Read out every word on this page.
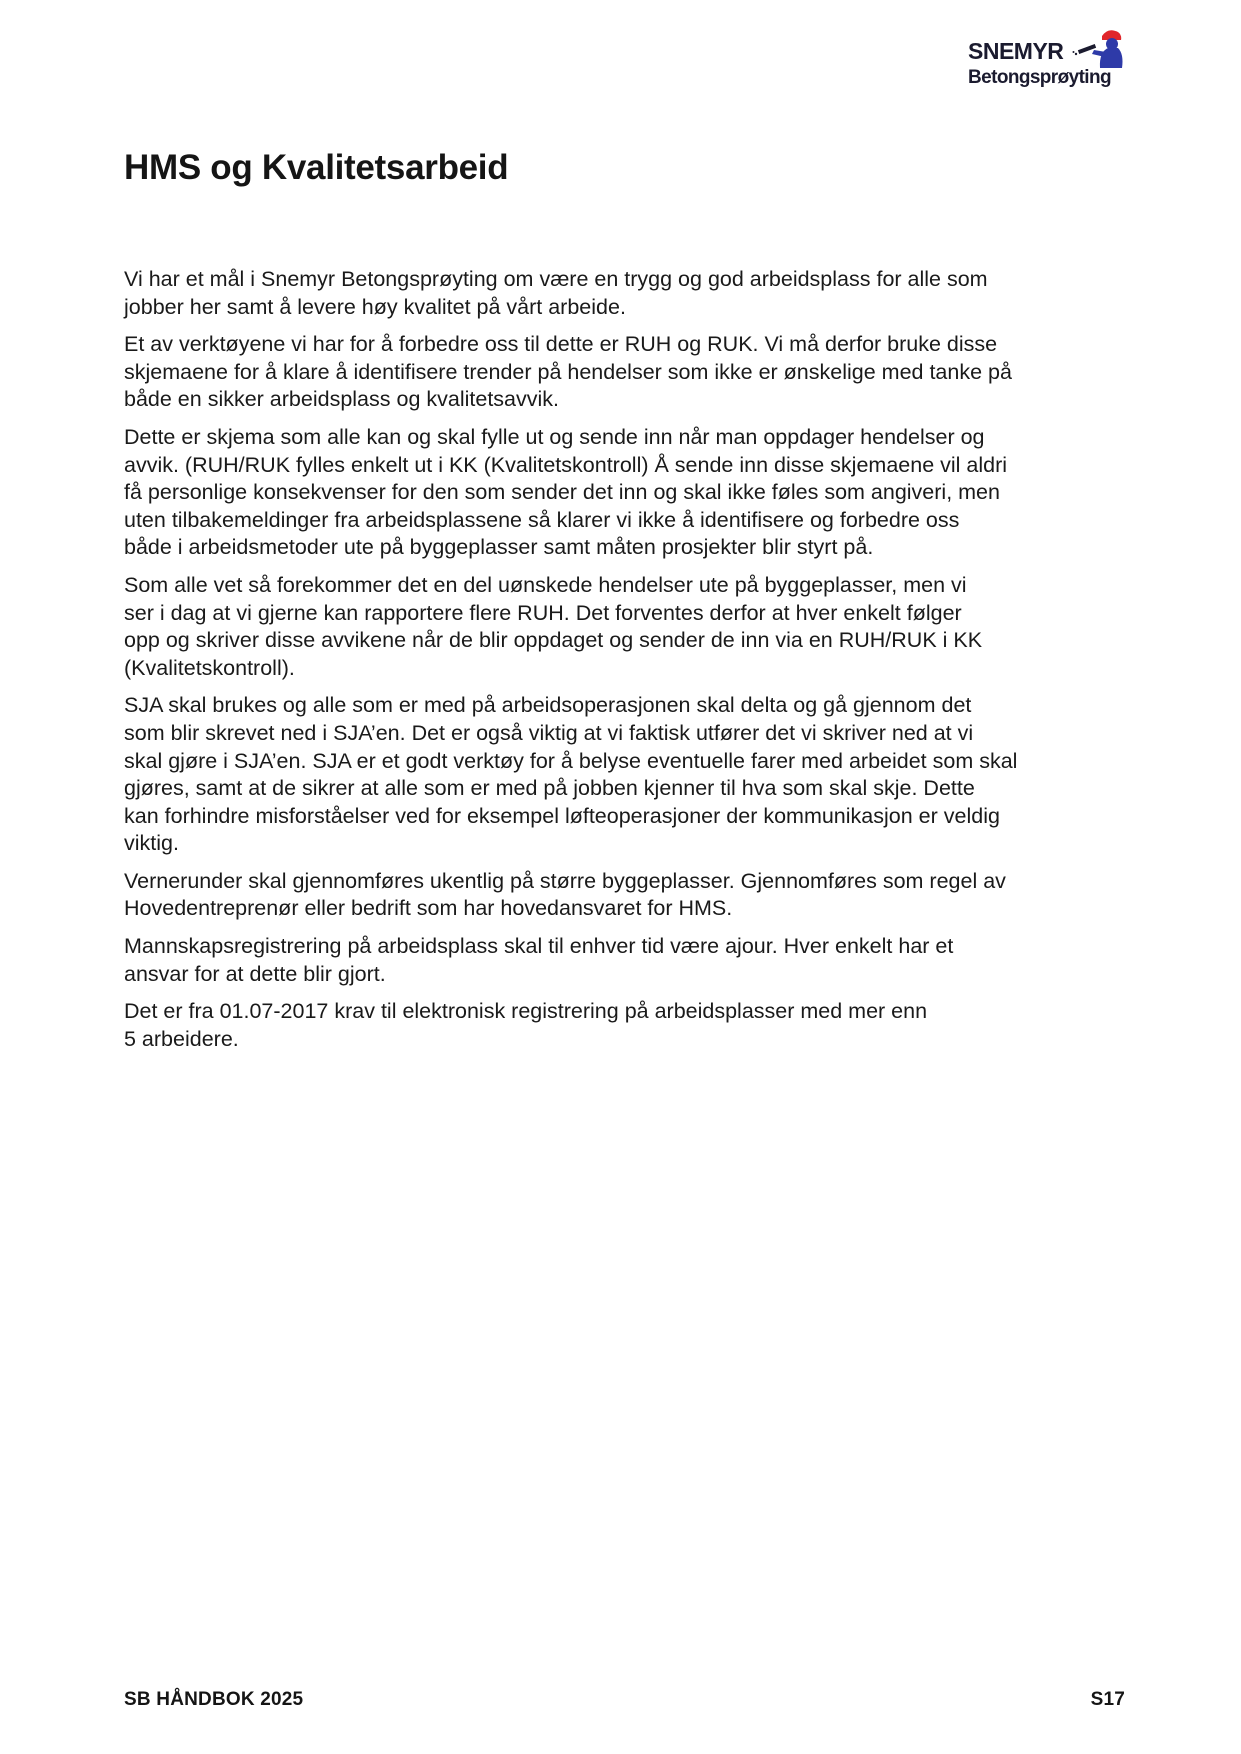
SNEMYR
Betongsprøyting
HMS og Kvalitetsarbeid

Vi har et mål i Snemyr Betongsprøyting om være en trygg og god arbeidsplass for alle som
jobber her samt å levere høy kvalitet på vårt arbeide.

Et av verktøyene vi har for å forbedre oss til dette er RUH og RUK. Vi må derfor bruke disse
skjemaene for å klare å identifisere trender på hendelser som ikke er ønskelige med tanke på
både en sikker arbeidsplass og kvalitetsavvik.

Dette er skjema som alle kan og skal fylle ut og sende inn når man oppdager hendelser og
avvik. (RUH/RUK fylles enkelt ut i KK (Kvalitetskontroll) Å sende inn disse skjemaene vil aldri
få personlige konsekvenser for den som sender det inn og skal ikke føles som angiveri, men
uten tilbakemeldinger fra arbeidsplassene så klarer vi ikke å identifisere og forbedre oss
både i arbeidsmetoder ute på byggeplasser samt måten prosjekter blir styrt på.

Som alle vet så forekommer det en del uønskede hendelser ute på byggeplasser, men vi
ser i dag at vi gjerne kan rapportere flere RUH. Det forventes derfor at hver enkelt følger
opp og skriver disse avvikene når de blir oppdaget og sender de inn via en RUH/RUK i KK
(Kvalitetskontroll).

SJA skal brukes og alle som er med på arbeidsoperasjonen skal delta og gå gjennom det
som blir skrevet ned i SJA’en. Det er også viktig at vi faktisk utfører det vi skriver ned at vi
skal gjøre i SJA’en. SJA er et godt verktøy for å belyse eventuelle farer med arbeidet som skal
gjøres, samt at de sikrer at alle som er med på jobben kjenner til hva som skal skje. Dette
kan forhindre misforståelser ved for eksempel løfteoperasjoner der kommunikasjon er veldig
viktig.

Vernerunder skal gjennomføres ukentlig på større byggeplasser. Gjennomføres som regel av
Hovedentreprenør eller bedrift som har hovedansvaret for HMS.

Mannskapsregistrering på arbeidsplass skal til enhver tid være ajour. Hver enkelt har et
ansvar for at dette blir gjort.

Det er fra 01.07-2017 krav til elektronisk registrering på arbeidsplasser med mer enn
5 arbeidere.

SB HÅNDBOK 2025	S17
